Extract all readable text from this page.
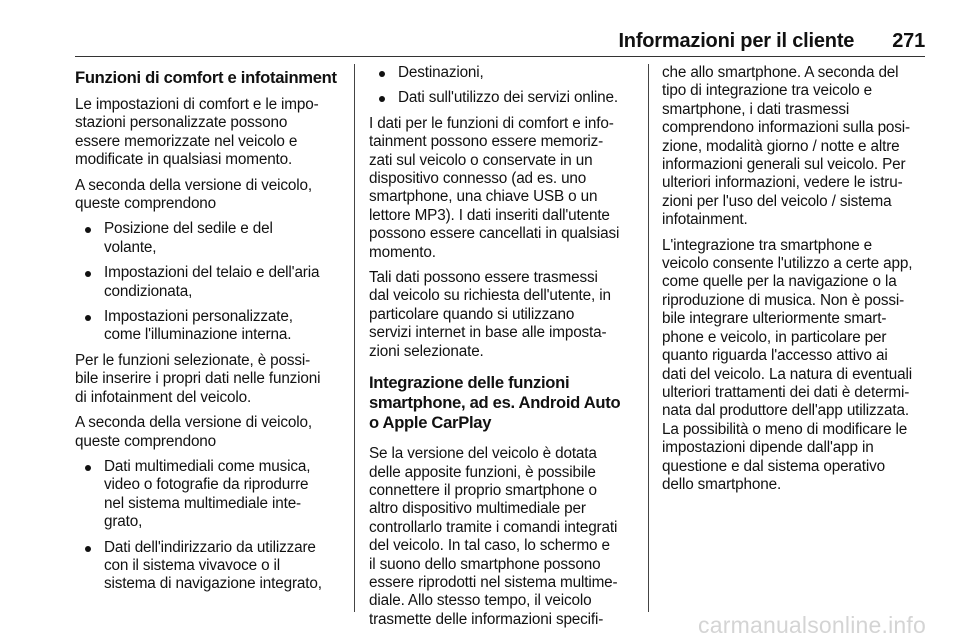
Informazioni per il cliente 271
Funzioni di comfort e infotainment
Le impostazioni di comfort e le impo-
stazioni personalizzate possono
essere memorizzate nel veicolo e
modificate in qualsiasi momento.
A seconda della versione di veicolo,
queste comprendono
Posizione del sedile e del
volante,
Impostazioni del telaio e dell'aria
condizionata,
Impostazioni personalizzate,
come l'illuminazione interna.
Per le funzioni selezionate, è possi-
bile inserire i propri dati nelle funzioni
di infotainment del veicolo.
A seconda della versione di veicolo,
queste comprendono
Dati multimediali come musica,
video o fotografie da riprodurre
nel sistema multimediale inte-
grato,
Dati dell'indirizzario da utilizzare
con il sistema vivavoce o il
sistema di navigazione integrato,
Destinazioni,
Dati sull'utilizzo dei servizi online.
I dati per le funzioni di comfort e info-
tainment possono essere memoriz-
zati sul veicolo o conservate in un
dispositivo connesso (ad es. uno
smartphone, una chiave USB o un
lettore MP3). I dati inseriti dall'utente
possono essere cancellati in qualsiasi
momento.
Tali dati possono essere trasmessi
dal veicolo su richiesta dell'utente, in
particolare quando si utilizzano
servizi internet in base alle imposta-
zioni selezionate.
Integrazione delle funzioni
smartphone, ad es. Android Auto
o Apple CarPlay
Se la versione del veicolo è dotata
delle apposite funzioni, è possibile
connettere il proprio smartphone o
altro dispositivo multimediale per
controllarlo tramite i comandi integrati
del veicolo. In tal caso, lo schermo e
il suono dello smartphone possono
essere riprodotti nel sistema multime-
diale. Allo stesso tempo, il veicolo
trasmette delle informazioni specifi-
che allo smartphone. A seconda del
tipo di integrazione tra veicolo e
smartphone, i dati trasmessi
comprendono informazioni sulla posi-
zione, modalità giorno / notte e altre
informazioni generali sul veicolo. Per
ulteriori informazioni, vedere le istru-
zioni per l'uso del veicolo / sistema
infotainment.
L'integrazione tra smartphone e
veicolo consente l'utilizzo a certe app,
come quelle per la navigazione o la
riproduzione di musica. Non è possi-
bile integrare ulteriormente smart-
phone e veicolo, in particolare per
quanto riguarda l'accesso attivo ai
dati del veicolo. La natura di eventuali
ulteriori trattamenti dei dati è determi-
nata dal produttore dell'app utilizzata.
La possibilità o meno di modificare le
impostazioni dipende dall'app in
questione e dal sistema operativo
dello smartphone.
carmanualsonline.info
